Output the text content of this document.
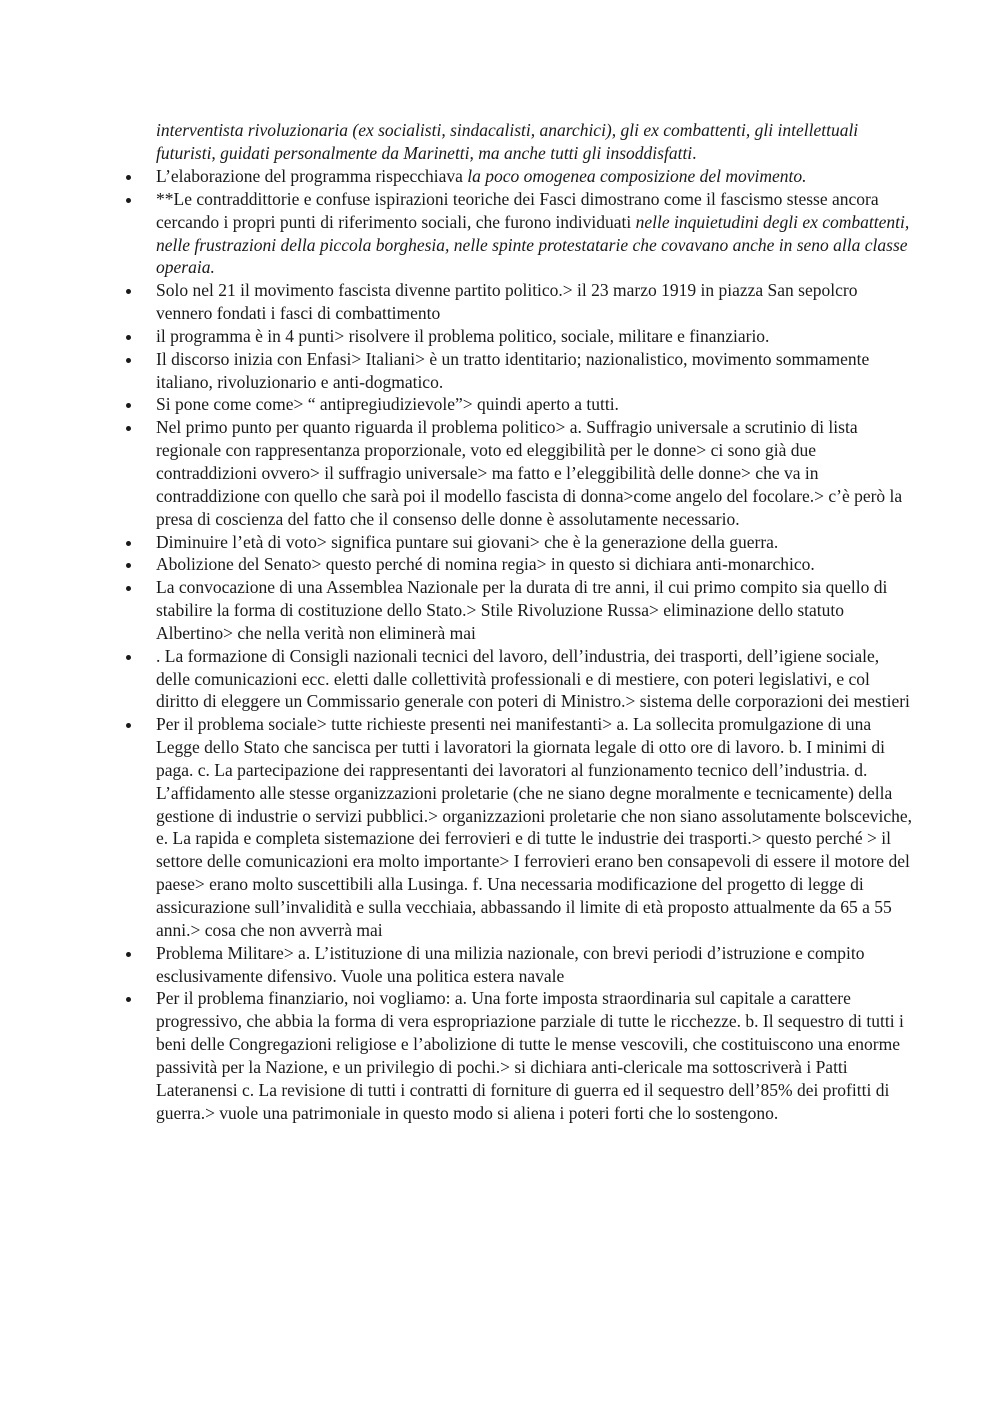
interventista rivoluzionaria (ex socialisti, sindacalisti, anarchici), gli ex combattenti, gli intellettuali futuristi, guidati personalmente da Marinetti, ma anche tutti gli insoddisfatti.

L’elaborazione del programma rispecchiava la poco omogenea composizione del movimento.
**Le contraddittorie e confuse ispirazioni teoriche dei Fasci dimostrano come il fascismo stesse ancora cercando i propri punti di riferimento sociali, che furono individuati nelle inquietudini degli ex combattenti, nelle frustrazioni della piccola borghesia, nelle spinte protestatarie che covavano anche in seno alla classe operaia.
Solo nel 21 il movimento fascista divenne partito politico.> il 23 marzo 1919 in piazza San sepolcro vennero fondati i fasci di combattimento
il programma è in 4 punti> risolvere il problema politico, sociale, militare e finanziario.
Il discorso inizia con Enfasi> Italiani> è un tratto identitario; nazionalistico, movimento sommamente italiano, rivoluzionario e anti-dogmatico.
Si pone come come> “ antipregiudizievole”> quindi aperto a tutti.
Nel primo punto per quanto riguarda il problema politico> a. Suffragio universale a scrutinio di lista regionale con rappresentanza proporzionale, voto ed eleggibilità per le donne> ci sono già due contraddizioni ovvero> il suffragio universale> ma fatto e l’eleggibilità delle donne> che va in contraddizione con quello che sarà poi il modello fascista di donna>come angelo del focolare.> c’è però la presa di coscienza del fatto che il consenso delle donne è assolutamente necessario.
Diminuire l’età di voto> significa puntare sui giovani> che è la generazione della guerra.
Abolizione del Senato> questo perché di nomina regia> in questo si dichiara anti-monarchico.
La convocazione di una Assemblea Nazionale per la durata di tre anni, il cui primo compito sia quello di stabilire la forma di costituzione dello Stato.> Stile Rivoluzione Russa> eliminazione dello statuto Albertino> che nella verità non eliminerà mai
. La formazione di Consigli nazionali tecnici del lavoro, dell’industria, dei trasporti, dell’igiene sociale, delle comunicazioni ecc. eletti dalle collettività professionali e di mestiere, con poteri legislativi, e col diritto di eleggere un Commissario generale con poteri di Ministro.> sistema delle corporazioni dei mestieri
Per il problema sociale> tutte richieste presenti nei manifestanti> a. La sollecita promulgazione di una Legge dello Stato che sancisca per tutti i lavoratori la giornata legale di otto ore di lavoro. b. I minimi di paga. c. La partecipazione dei rappresentanti dei lavoratori al funzionamento tecnico dell’industria. d. L’affidamento alle stesse organizzazioni proletarie (che ne siano degne moralmente e tecnicamente) della gestione di industrie o servizi pubblici.> organizzazioni proletarie che non siano assolutamente bolsceviche, e. La rapida e completa sistemazione dei ferrovieri e di tutte le industrie dei trasporti.> questo perché > il settore delle comunicazioni era molto importante> I ferrovieri erano ben consapevoli di essere il motore del paese> erano molto suscettibili alla Lusinga. f. Una necessaria modificazione del progetto di legge di assicurazione sull’invalidità e sulla vecchiaia, abbassando il limite di età proposto attualmente da 65 a 55 anni.> cosa che non avverrà mai
Problema Militare> a. L’istituzione di una milizia nazionale, con brevi periodi d’istruzione e compito esclusivamente difensivo. Vuole una politica estera navale
Per il problema finanziario, noi vogliamo: a. Una forte imposta straordinaria sul capitale a carattere progressivo, che abbia la forma di vera espropriazione parziale di tutte le ricchezze. b. Il sequestro di tutti i beni delle Congregazioni religiose e l’abolizione di tutte le mense vescovili, che costituiscono una enorme passività per la Nazione, e un privilegio di pochi.> si dichiara anti-clericale ma sottoscriverà i Patti Lateranensi c. La revisione di tutti i contratti di forniture di guerra ed il sequestro dell’85% dei profitti di guerra.> vuole una patrimoniale in questo modo si aliena i poteri forti che lo sostengono.
